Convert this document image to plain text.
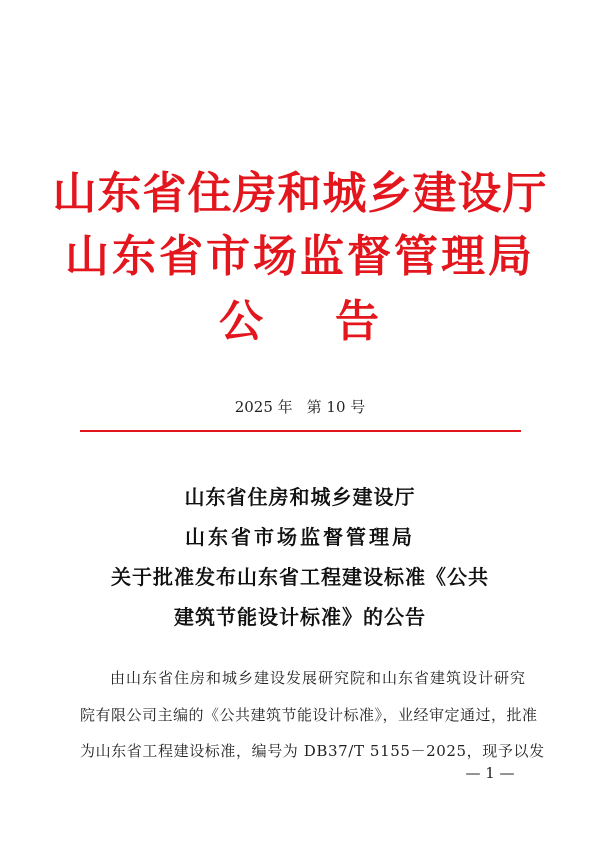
山东省住房和城乡建设厅
山东省市场监督管理局
公 告
2025 年 第 10 号
山东省住房和城乡建设厅
山东省市场监督管理局
关于批准发布山东省工程建设标准《公共
建筑节能设计标准》的公告
由山东省住房和城乡建设发展研究院和山东省建筑设计研究
院有限公司主编的《公共建筑节能设计标准》，业经审定通过，批准
为山东省工程建设标准，编号为 DB37/T 5155－2025，现予以发
— 1 —
